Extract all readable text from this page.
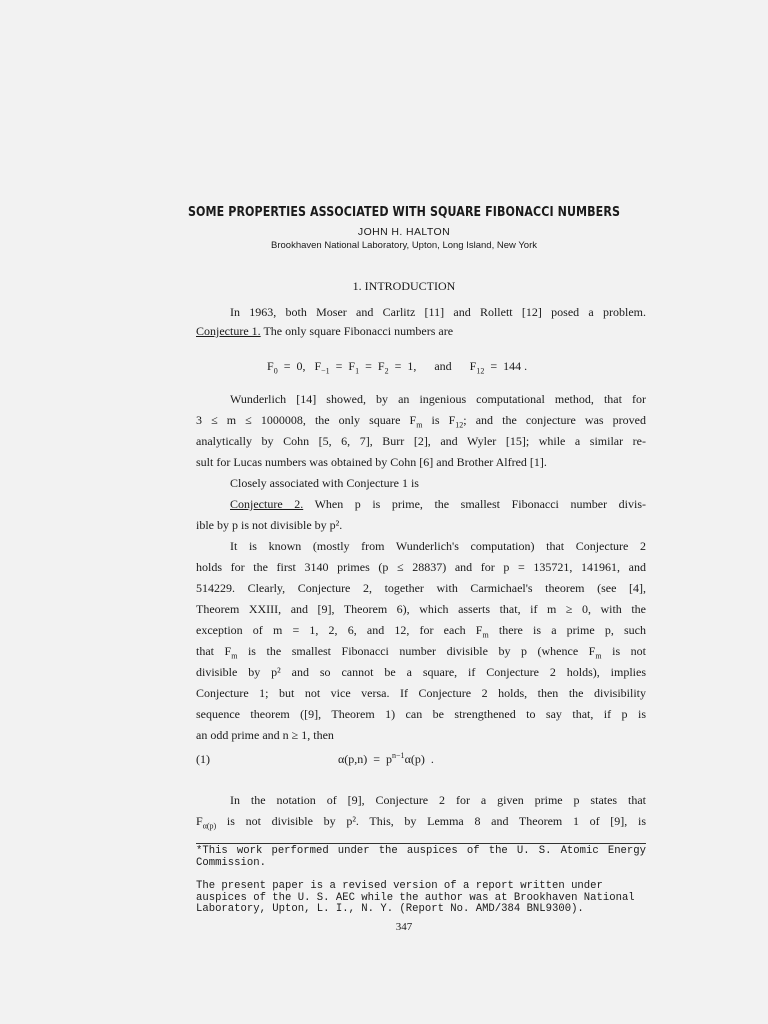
SOME PROPERTIES ASSOCIATED WITH SQUARE FIBONACCI NUMBERS
JOHN H. HALTON
Brookhaven National Laboratory, Upton, Long Island, New York
1. INTRODUCTION
In 1963, both Moser and Carlitz [11] and Rollett [12] posed a problem.
Conjecture 1. The only square Fibonacci numbers are
$F_0 = 0$,   $F_{-1} = F_1 = F_2 = 1$,      and      $F_{12} = 144$ .
Wunderlich [14] showed, by an ingenious computational method, that for
3 ≤ m ≤ 1000008, the only square $F_m$ is $F_{12}$; and the conjecture was proved
analytically by Cohn [5, 6, 7], Burr [2], and Wyler [15]; while a similar re-
sult for Lucas numbers was obtained by Cohn [6] and Brother Alfred [1].
Closely associated with Conjecture 1 is
Conjecture 2. When p is prime, the smallest Fibonacci number divis-
ible by p is not divisible by p².
It is known (mostly from Wunderlich's computation) that Conjecture 2
holds for the first 3140 primes (p ≤ 28837) and for p = 135721, 141961, and
514229. Clearly, Conjecture 2, together with Carmichael's theorem (see [4],
Theorem XXIII, and [9], Theorem 6), which asserts that, if m ≥ 0, with the
exception of m = 1, 2, 6, and 12, for each $F_m$ there is a prime p, such
that $F_m$ is the smallest Fibonacci number divisible by p (whence $F_m$ is not
divisible by p² and so cannot be a square, if Conjecture 2 holds), implies
Conjecture 1; but not vice versa. If Conjecture 2 holds, then the divisibility
sequence theorem ([9], Theorem 1) can be strengthened to say that, if p is
an odd prime and n ≥ 1, then
(1)	$\alpha(p,n) = p^{n-1}\alpha(p)$  .
In the notation of [9], Conjecture 2 for a given prime p states that
$F_{\alpha(p)}$ is not divisible by p². This, by Lemma 8 and Theorem 1 of [9], is
*This work performed under the auspices of the U. S. Atomic Energy Commission.
The present paper is a revised version of a report written under auspices of the U. S. AEC while the author was at Brookhaven National Laboratory, Upton, L. I., N. Y. (Report No. AMD/384 BNL9300).
347
